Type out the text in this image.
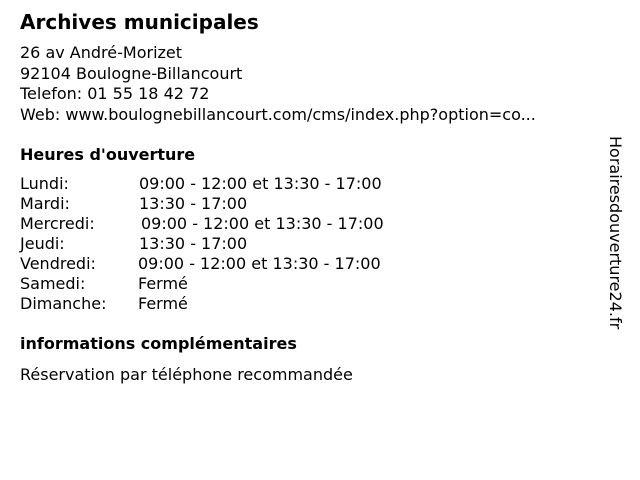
Archives municipales
26 av André-Morizet
92104 Boulogne-Billancourt
Telefon: 01 55 18 42 72
Web: www.boulognebillancourt.com/cms/index.php?option=co...
Heures d'ouverture
Lundi:	09:00 - 12:00 et 13:30 - 17:00
Mardi:	13:30 - 17:00
Mercredi:	09:00 - 12:00 et 13:30 - 17:00
Jeudi:	13:30 - 17:00
Vendredi:	09:00 - 12:00 et 13:30 - 17:00
Samedi:	Fermé
Dimanche: Fermé
informations complémentaires
Réservation par téléphone recommandée
Horairesdouverture24.fr
